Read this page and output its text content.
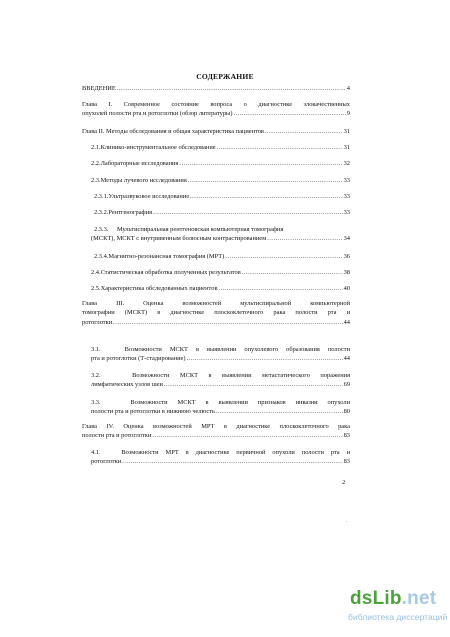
СОДЕРЖАНИЕ
ВВЕДЕНИЕ .....	4
Глава I. Современное состояние вопроса о диагностике злокачественных
опухолей полости рта и ротоглотки (обзор литературы) .....	9
Глава II. Методы обследования и общая характеристика пациентов .....	31
2.1. Клинико-инструментальное обследование .....	31
2.2. Лабораторные исследования .....	32
2.3. Методы лучевого исследования .....	33
2.3.1. Ультразвуковое исследование .....	33
2.3.2. Рентгенография .....	33
2.3.3.	Мультиспиральная рентгеновская компьютерная томография
(МСКТ), МСКТ с внутривенным болюсным контрастированием .....	34
2.3.4. Магнитно-резонансная томография (МРТ) .....	36
2.4. Статистическая обработка полученных результатов .....	38
2.5. Характеристика обследованных пациентов .....	40
Глава III. Оценка возможностей мультиспиральной компьютерной
томографии (МСКТ) в диагностике плоскоклеточного рака полости рта и
ротоглотки .....	44
3.1.	Возможности МСКТ в выявлении опухолевого образования полости
рта и ротоглотки (Т-стадирование) .....	44
3.2.	Возможности МСКТ в выявлении метастатического поражения
лимфатических узлов шеи .....	69
3.3.	Возможности МСКТ в выявлении признаков инвазии опухоли
полости рта и ротоглотки в нижнюю челюсть .....	80
Глава IV. Оценка возможностей МРТ в диагностике плоскоклеточного рака
полости рта и ротоглотки .....	83
4.1.	Возможности МРТ в диагностике первичной опухоли полости рта и
ротоглотки .....	83
2
.
dsLib.net
библиотека диссертаций
